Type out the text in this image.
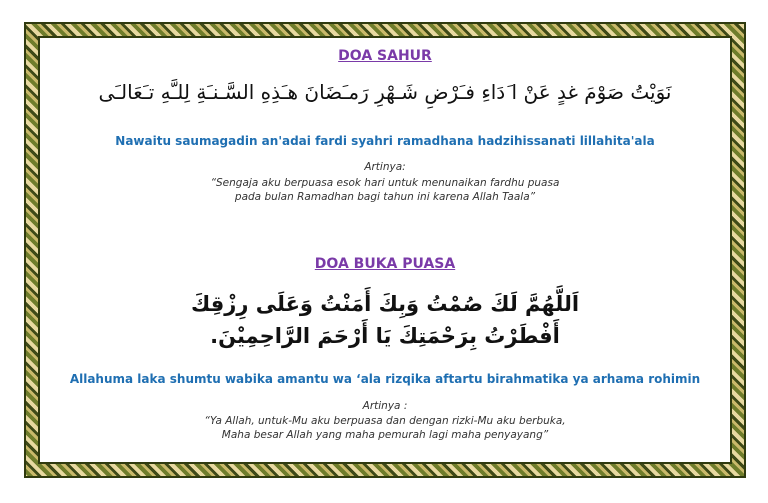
DOA SAHUR
نَوَيْتُ صَوْمَ غدٍ عَنْ ا َدَاءِ فـَرْضِ شَـهْرِ رَمـَضَانَ هـَذِهِ السَّـنـَةِ لِلـَّهِ تـَعَالـَى
Nawaitu saumagadin an'adai fardi syahri ramadhana hadzihissanati lillahita'ala
Artinya:
“Sengaja aku berpuasa esok hari untuk menunaikan fardhu puasa
pada bulan Ramadhan bagi tahun ini karena Allah Taala”
DOA BUKA PUASA
اَللَّهُمَّ لَكَ صُمْتُ وَبِكَ أَمَنْتُ وَعَلَى رِزْقِكَ
أَفْطَرْتُ بِرَحْمَتِكَ يَا أَرْحَمَ الرَّاحِمِيْنَ.
Allahuma laka shumtu wabika amantu wa ‘ala rizqika aftartu birahmatika ya arhama rohimin
Artinya :
“Ya Allah, untuk-Mu aku berpuasa dan dengan rizki-Mu aku berbuka,
Maha besar Allah yang maha pemurah lagi maha penyayang”
